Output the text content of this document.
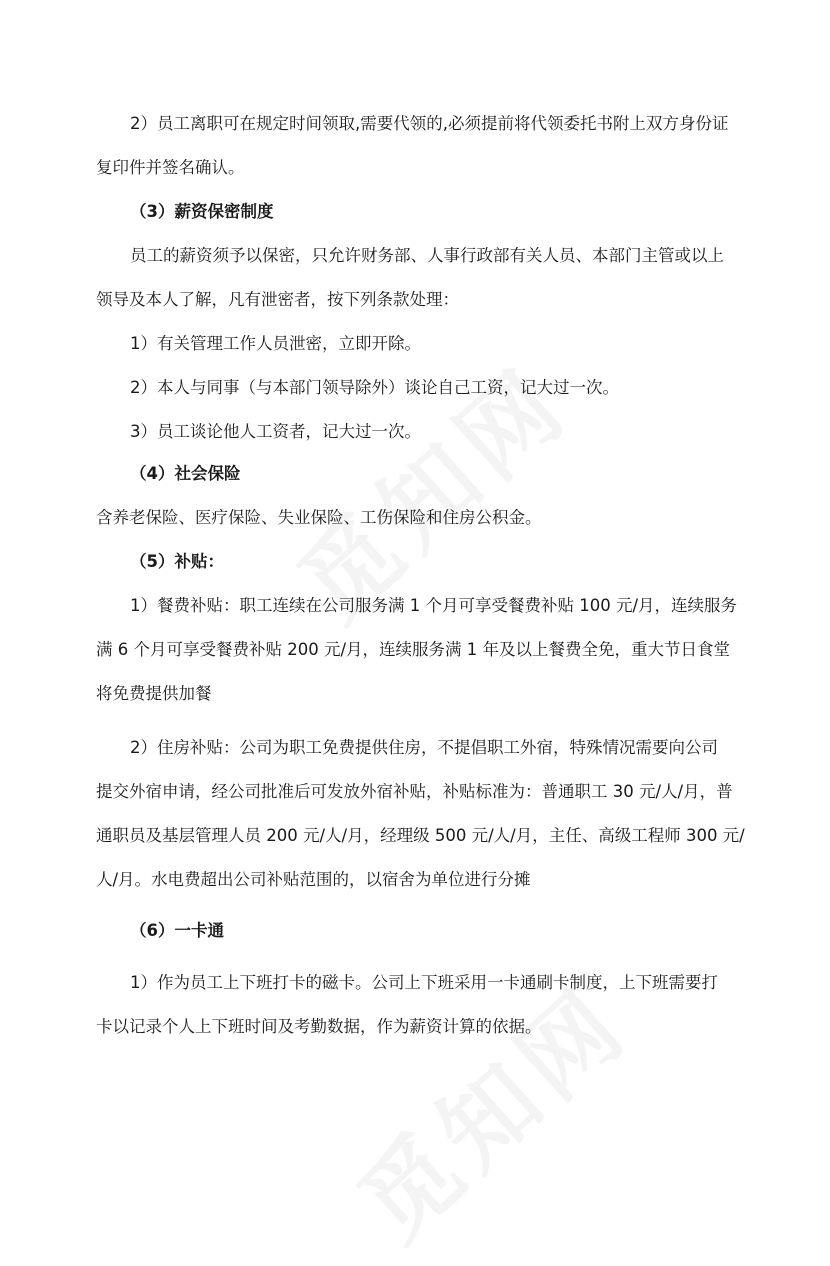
2）员工离职可在规定时间领取,需要代领的,必须提前将代领委托书附上双方身份证
复印件并签名确认。
（3）薪资保密制度
员工的薪资须予以保密，只允许财务部、人事行政部有关人员、本部门主管或以上
领导及本人了解，凡有泄密者，按下列条款处理：
1）有关管理工作人员泄密，立即开除。
2）本人与同事（与本部门领导除外）谈论自己工资，记大过一次。
3）员工谈论他人工资者，记大过一次。
（4）社会保险
含养老保险、医疗保险、失业保险、工伤保险和住房公积金。
（5）补贴：
1）餐费补贴：职工连续在公司服务满 1 个月可享受餐费补贴 100 元/月，连续服务
满 6 个月可享受餐费补贴 200 元/月，连续服务满 1 年及以上餐费全免，重大节日食堂
将免费提供加餐
2）住房补贴：公司为职工免费提供住房，不提倡职工外宿，特殊情况需要向公司
提交外宿申请，经公司批准后可发放外宿补贴，补贴标准为：普通职工 30 元/人/月，普
通职员及基层管理人员 200 元/人/月，经理级 500 元/人/月，主任、高级工程师 300 元/
人/月。水电费超出公司补贴范围的，以宿舍为单位进行分摊
（6）一卡通
1）作为员工上下班打卡的磁卡。公司上下班采用一卡通刷卡制度，上下班需要打
卡以记录个人上下班时间及考勤数据，作为薪资计算的依据。
